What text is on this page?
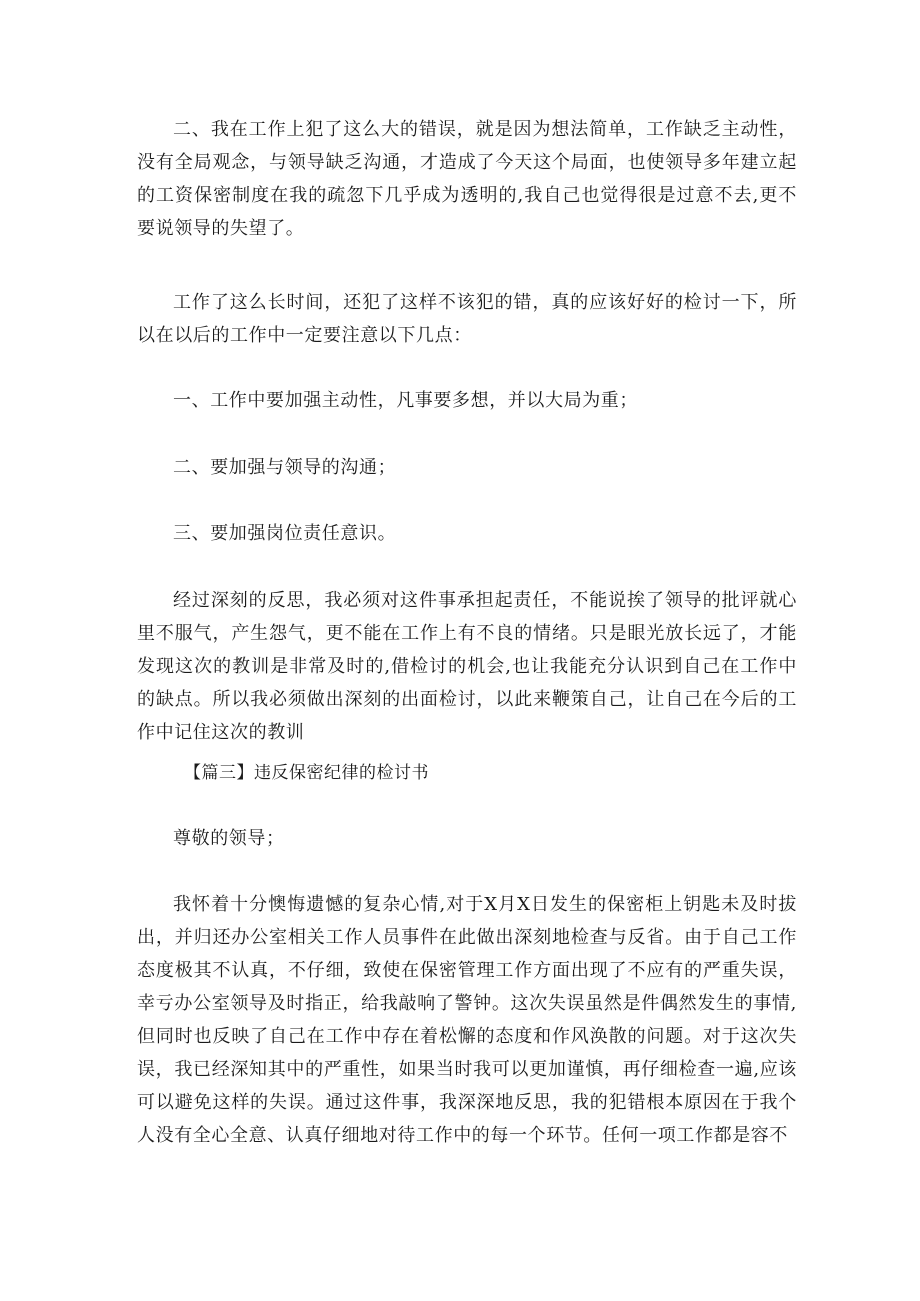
二、我在工作上犯了这么大的错误，就是因为想法简单，工作缺乏主动性，没有全局观念，与领导缺乏沟通，才造成了今天这个局面，也使领导多年建立起的工资保密制度在我的疏忽下几乎成为透明的,我自己也觉得很是过意不去,更不要说领导的失望了。

工作了这么长时间，还犯了这样不该犯的错，真的应该好好的检讨一下，所以在以后的工作中一定要注意以下几点：

一、工作中要加强主动性，凡事要多想，并以大局为重；

二、要加强与领导的沟通；

三、要加强岗位责任意识。

经过深刻的反思，我必须对这件事承担起责任，不能说挨了领导的批评就心里不服气，产生怨气，更不能在工作上有不良的情绪。只是眼光放长远了，才能发现这次的教训是非常及时的,借检讨的机会,也让我能充分认识到自己在工作中的缺点。所以我必须做出深刻的出面检讨，以此来鞭策自己，让自己在今后的工作中记住这次的教训

【篇三】违反保密纪律的检讨书

尊敬的领导；

我怀着十分懊悔遗憾的复杂心情,对于X月X日发生的保密柜上钥匙未及时拔出，并归还办公室相关工作人员事件在此做出深刻地检查与反省。由于自己工作态度极其不认真，不仔细，致使在保密管理工作方面出现了不应有的严重失误，幸亏办公室领导及时指正，给我敲响了警钟。这次失误虽然是件偶然发生的事情,但同时也反映了自己在工作中存在着松懈的态度和作风涣散的问题。对于这次失误，我已经深知其中的严重性，如果当时我可以更加谨慎，再仔细检查一遍,应该可以避免这样的失误。通过这件事，我深深地反思，我的犯错根本原因在于我个人没有全心全意、认真仔细地对待工作中的每一个环节。任何一项工作都是容不
